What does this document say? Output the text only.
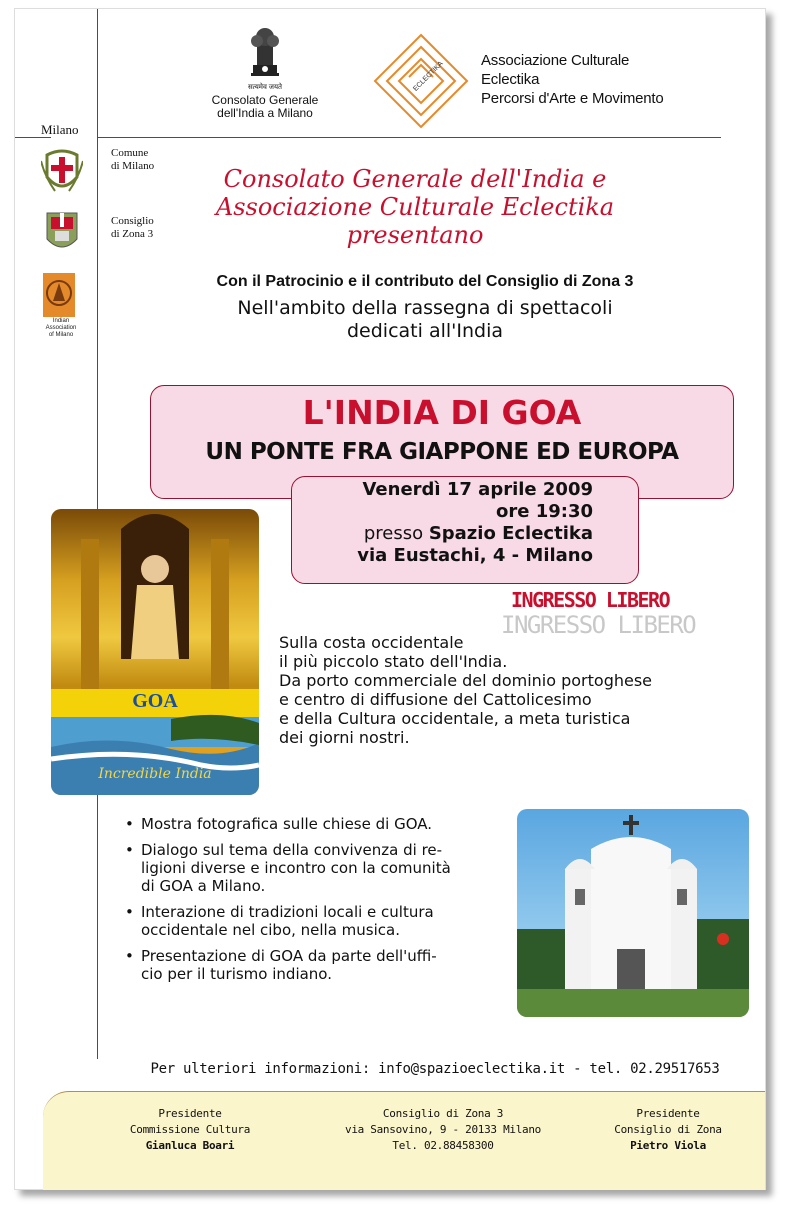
सत्यमेव जयते
Consolato Generale
dell'India a Milano
ECLECTIKA Associazione Culturale
Eclectika
Percorsi d'Arte e Movimento
Milano
Comune
di Milano
Consiglio
di Zona 3
Indian Association
of Milano
Consolato Generale dell'India e
Associazione Culturale Eclectika
presentano
Con il Patrocinio e il contributo del Consiglio di Zona 3
Nell'ambito della rassegna di spettacoli
dedicati all'India
L'INDIA DI GOA
UN PONTE FRA GIAPPONE ED EUROPA
Venerdì 17 aprile 2009
ore 19:30
presso Spazio Eclectika
via Eustachi, 4 - Milano
INGRESSO LIBERO
INGRESSO LIBERO
GOA
Incredible India
Sulla costa occidentale
il più piccolo stato dell'India.
Da porto commerciale del dominio portoghese
e centro di diffusione del Cattolicesimo
e della Cultura occidentale, a meta turistica
dei giorni nostri.
• Mostra fotografica sulle chiese di GOA.
• Dialogo sul tema della convivenza di re-
ligioni diverse e incontro con la comunità
di GOA a Milano.
• Interazione di tradizioni locali e cultura
occidentale nel cibo, nella musica.
• Presentazione di GOA da parte dell'uffi-
cio per il turismo indiano.
Per ulteriori informazioni: info@spazioeclectika.it - tel. 02.29517653
Presidente
Commissione Cultura
Gianluca Boari
Consiglio di Zona 3
via Sansovino, 9 - 20133 Milano
Tel. 02.88458300
Presidente
Consiglio di Zona
Pietro Viola
